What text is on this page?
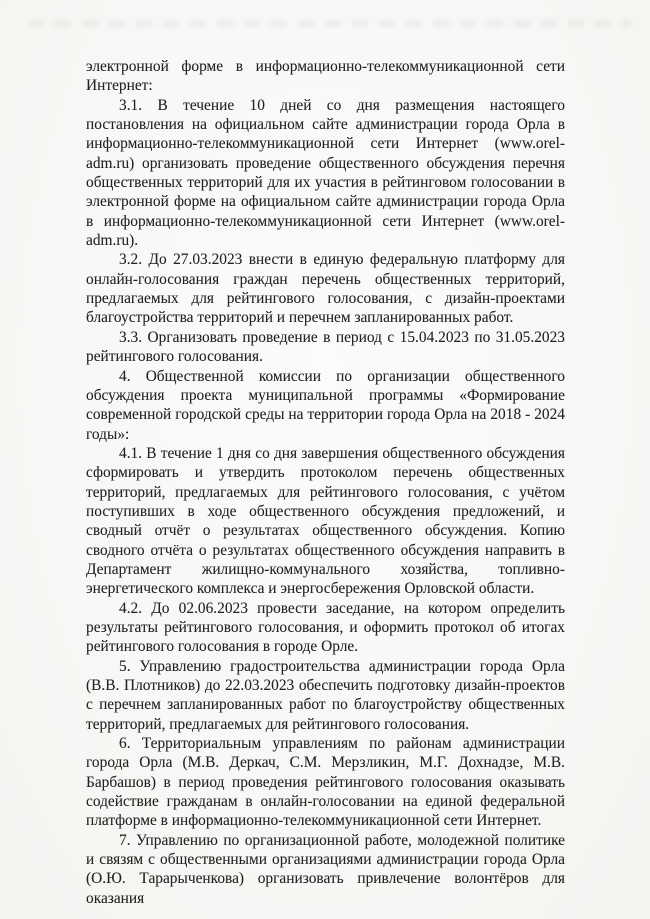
электронной форме в информационно-телекоммуникационной сети Интернет:

3.1. В течение 10 дней со дня размещения настоящего постановления на официальном сайте администрации города Орла в информационно-телекоммуникационной сети Интернет (www.orel-adm.ru) организовать проведение общественного обсуждения перечня общественных территорий для их участия в рейтинговом голосовании в электронной форме на официальном сайте администрации города Орла в информационно-телекоммуникационной сети Интернет (www.orel-adm.ru).

3.2. До 27.03.2023 внести в единую федеральную платформу для онлайн-голосования граждан перечень общественных территорий, предлагаемых для рейтингового голосования, с дизайн-проектами благоустройства территорий и перечнем запланированных работ.

3.3. Организовать проведение в период с 15.04.2023 по 31.05.2023 рейтингового голосования.

4. Общественной комиссии по организации общественного обсуждения проекта муниципальной программы «Формирование современной городской среды на территории города Орла на 2018 - 2024 годы»:

4.1. В течение 1 дня со дня завершения общественного обсуждения сформировать и утвердить протоколом перечень общественных территорий, предлагаемых для рейтингового голосования, с учётом поступивших в ходе общественного обсуждения предложений, и сводный отчёт о результатах общественного обсуждения. Копию сводного отчёта о результатах общественного обсуждения направить в Департамент жилищно-коммунального хозяйства, топливно-энергетического комплекса и энергосбережения Орловской области.

4.2. До 02.06.2023 провести заседание, на котором определить результаты рейтингового голосования, и оформить протокол об итогах рейтингового голосования в городе Орле.

5. Управлению градостроительства администрации города Орла (В.В. Плотников) до 22.03.2023 обеспечить подготовку дизайн-проектов с перечнем запланированных работ по благоустройству общественных территорий, предлагаемых для рейтингового голосования.

6. Территориальным управлениям по районам администрации города Орла (М.В. Деркач, С.М. Мерзликин, М.Г. Дохнадзе, М.В. Барбашов) в период проведения рейтингового голосования оказывать содействие гражданам в онлайн-голосовании на единой федеральной платформе в информационно-телекоммуникационной сети Интернет.

7. Управлению по организационной работе, молодежной политике и связям с общественными организациями администрации города Орла (О.Ю. Тарарыченкова) организовать привлечение волонтёров для оказания
